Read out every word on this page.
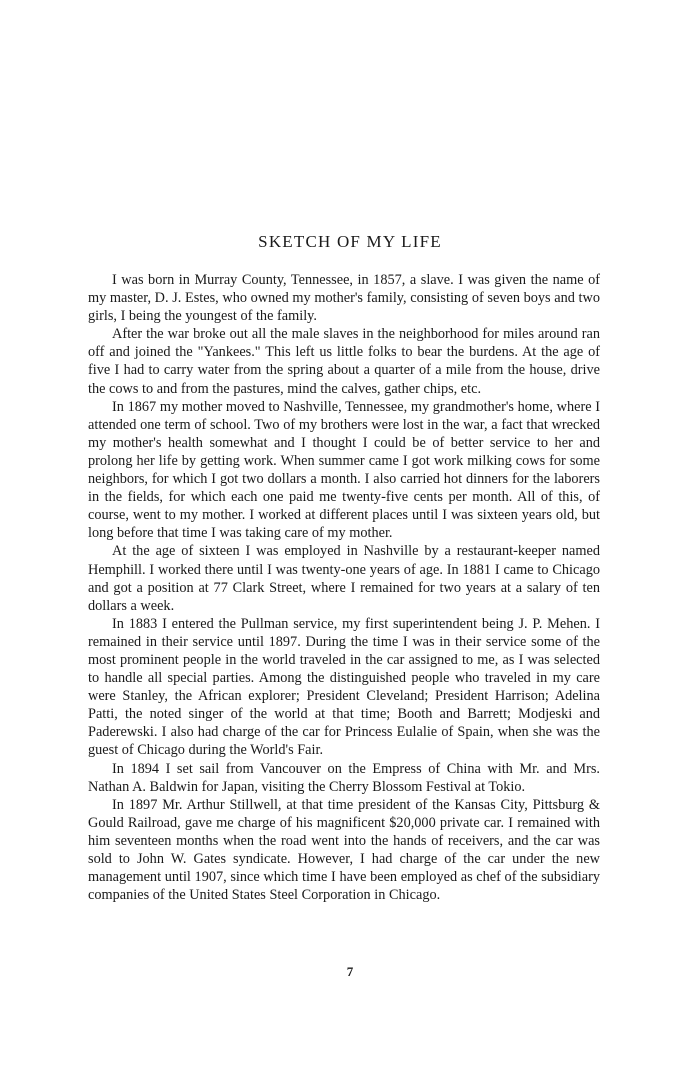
SKETCH OF MY LIFE

I was born in Murray County, Tennessee, in 1857, a slave. I was given the name of my master, D. J. Estes, who owned my mother's family, consisting of seven boys and two girls, I being the youngest of the family.

After the war broke out all the male slaves in the neighborhood for miles around ran off and joined the "Yankees." This left us little folks to bear the burdens. At the age of five I had to carry water from the spring about a quarter of a mile from the house, drive the cows to and from the pastures, mind the calves, gather chips, etc.

In 1867 my mother moved to Nashville, Tennessee, my grandmother's home, where I attended one term of school. Two of my brothers were lost in the war, a fact that wrecked my mother's health somewhat and I thought I could be of better service to her and prolong her life by getting work. When summer came I got work milking cows for some neighbors, for which I got two dollars a month. I also carried hot dinners for the laborers in the fields, for which each one paid me twenty-five cents per month. All of this, of course, went to my mother. I worked at different places until I was sixteen years old, but long before that time I was taking care of my mother.

At the age of sixteen I was employed in Nashville by a restaurant-keeper named Hemphill. I worked there until I was twenty-one years of age. In 1881 I came to Chicago and got a position at 77 Clark Street, where I remained for two years at a salary of ten dollars a week.

In 1883 I entered the Pullman service, my first superintendent being J. P. Mehen. I remained in their service until 1897. During the time I was in their service some of the most prominent people in the world traveled in the car assigned to me, as I was selected to handle all special parties. Among the distinguished people who traveled in my care were Stanley, the African explorer; President Cleveland; President Harrison; Adelina Patti, the noted singer of the world at that time; Booth and Barrett; Modjeski and Paderewski. I also had charge of the car for Princess Eulalie of Spain, when she was the guest of Chicago during the World's Fair.

In 1894 I set sail from Vancouver on the Empress of China with Mr. and Mrs. Nathan A. Baldwin for Japan, visiting the Cherry Blossom Festival at Tokio.

In 1897 Mr. Arthur Stillwell, at that time president of the Kansas City, Pittsburg & Gould Railroad, gave me charge of his magnificent $20,000 private car. I remained with him seventeen months when the road went into the hands of receivers, and the car was sold to John W. Gates syndicate. However, I had charge of the car under the new management until 1907, since which time I have been employed as chef of the subsidiary companies of the United States Steel Corporation in Chicago.

7
